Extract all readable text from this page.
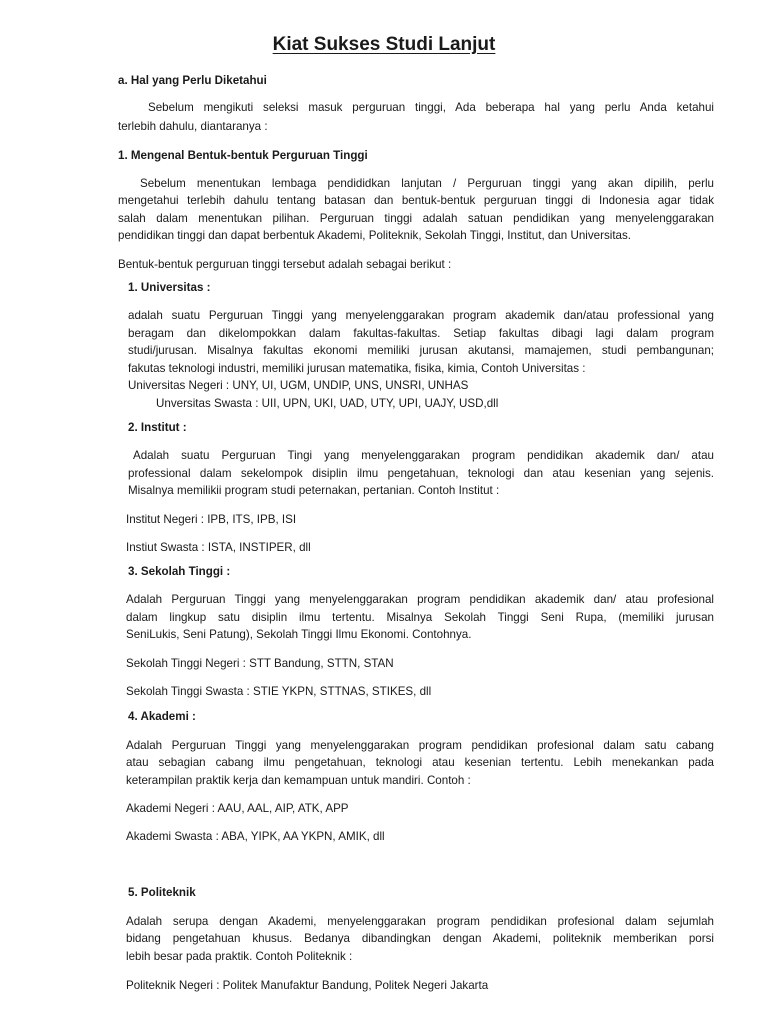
Kiat Sukses Studi Lanjut
a. Hal yang Perlu Diketahui
Sebelum mengikuti seleksi masuk perguruan tinggi, Ada beberapa hal yang perlu Anda ketahui
terlebih dahulu, diantaranya :
1. Mengenal Bentuk-bentuk Perguruan Tinggi
Sebelum menentukan lembaga pendididkan lanjutan / Perguruan tinggi yang akan dipilih, perlu
mengetahui terlebih dahulu tentang batasan dan bentuk-bentuk perguruan tinggi di Indonesia agar tidak
salah dalam menentukan pilihan. Perguruan tinggi adalah satuan pendidikan yang menyelenggarakan
pendidikan tinggi dan dapat berbentuk Akademi, Politeknik, Sekolah Tinggi, Institut, dan Universitas.
Bentuk-bentuk perguruan tinggi tersebut adalah sebagai berikut :
1. Universitas :
adalah suatu Perguruan Tinggi yang menyelenggarakan program akademik dan/atau professional yang
beragam dan dikelompokkan dalam fakultas-fakultas. Setiap fakultas dibagi lagi dalam program
studi/jurusan. Misalnya fakultas ekonomi memiliki jurusan akutansi, mamajemen, studi pembangunan;
fakutas teknologi industri, memiliki jurusan matematika, fisika, kimia, Contoh Universitas :
Universitas Negeri : UNY, UI, UGM, UNDIP, UNS, UNSRI, UNHAS
Unversitas Swasta : UII, UPN, UKI, UAD, UTY, UPI, UAJY, USD,dll
2. Institut :
Adalah suatu Perguruan Tingi yang menyelenggarakan program pendidikan akademik dan/ atau
professional dalam sekelompok disiplin ilmu pengetahuan, teknologi dan atau kesenian yang sejenis.
Misalnya memilikii program studi peternakan, pertanian. Contoh Institut :
Institut Negeri : IPB, ITS, IPB, ISI
Instiut Swasta : ISTA, INSTIPER, dll
3. Sekolah Tinggi :
Adalah Perguruan Tinggi yang menyelenggarakan program pendidikan akademik dan/ atau profesional
dalam lingkup satu disiplin ilmu tertentu. Misalnya Sekolah Tinggi Seni Rupa, (memiliki jurusan
SeniLukis, Seni Patung), Sekolah Tinggi Ilmu Ekonomi. Contohnya.
Sekolah Tinggi Negeri : STT Bandung, STTN, STAN
Sekolah Tinggi Swasta : STIE YKPN, STTNAS, STIKES, dll
4. Akademi :
Adalah Perguruan Tinggi yang menyelenggarakan program pendidikan profesional dalam satu cabang
atau sebagian cabang ilmu pengetahuan, teknologi atau kesenian tertentu. Lebih menekankan pada
keterampilan praktik kerja dan kemampuan untuk mandiri. Contoh :
Akademi Negeri : AAU, AAL, AIP, ATK, APP
Akademi Swasta : ABA, YIPK, AA YKPN, AMIK, dll
5. Politeknik
Adalah serupa dengan Akademi, menyelenggarakan program pendidikan profesional dalam sejumlah
bidang pengetahuan khusus. Bedanya dibandingkan dengan Akademi, politeknik memberikan porsi
lebih besar pada praktik. Contoh Politeknik :
Politeknik Negeri : Politek Manufaktur Bandung, Politek Negeri Jakarta
